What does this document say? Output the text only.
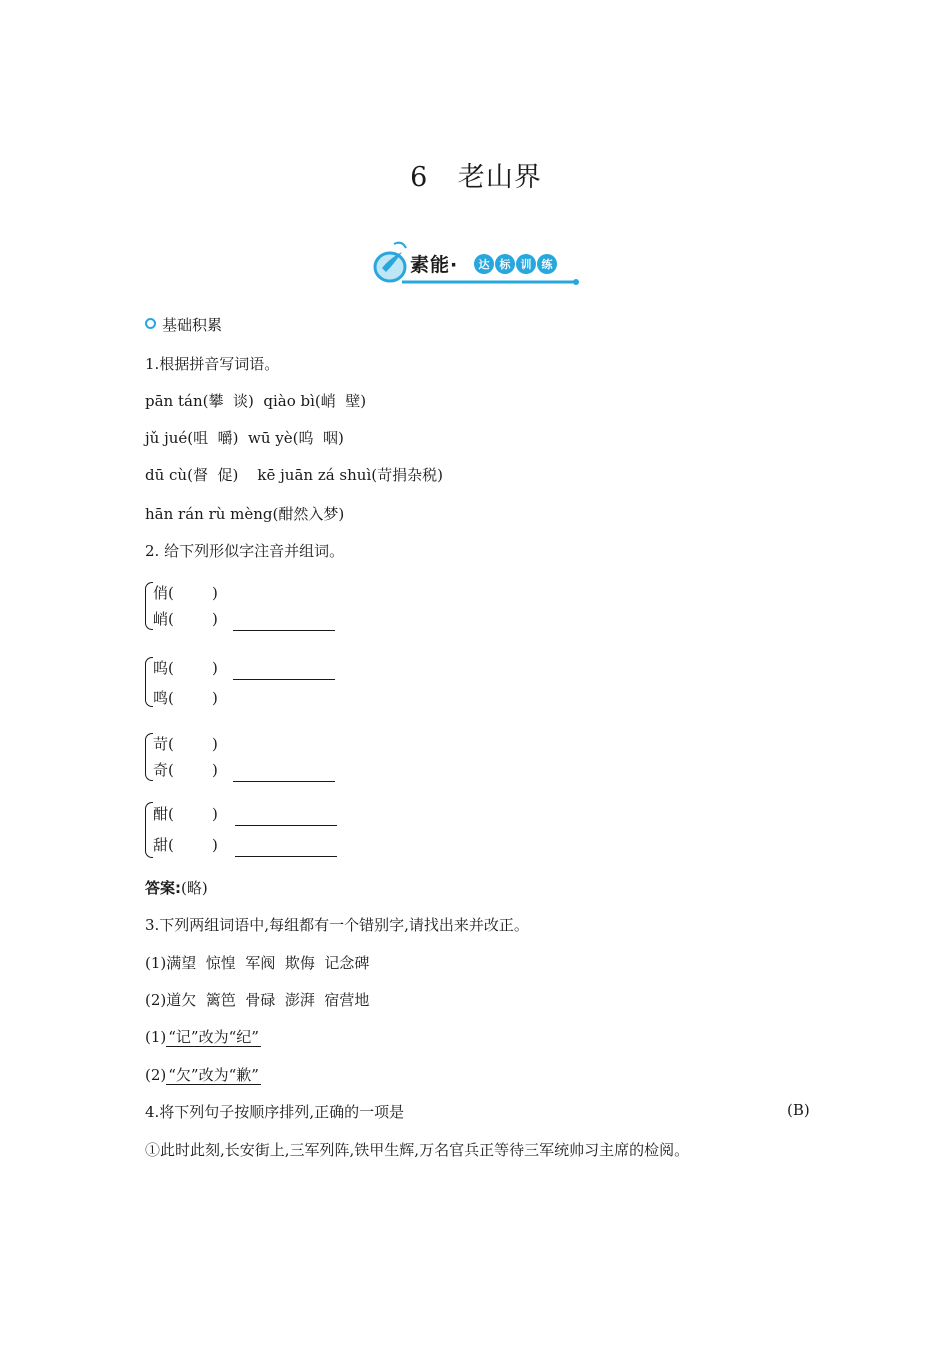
6 老山界
素能·	达 标 训 练
基础积累
1.根据拼音写词语。
pān tán(攀  谈)  qiào bì(峭  壁)
jǔ jué(咀  嚼)  wū yè(呜  咽)
dū cù(督  促)    kē juān zá shuì(苛捐杂税)
hān rán rù mèng(酣然入梦)
2. 给下列形似字注音并组词。
俏(        )
峭(        )
呜(        )
鸣(        )
苛(        )
奇(        )
酣(        )
甜(        )
答案:(略)
3.下列两组词语中,每组都有一个错别字,请找出来并改正。
(1)满望  惊惶  军阀  欺侮  记念碑
(2)道欠  篱笆  骨碌  澎湃  宿营地
(1) “记”改为“纪”
(2) “欠”改为“歉”
4.将下列句子按顺序排列,正确的一项是	(B)
①此时此刻,长安街上,三军列阵,铁甲生辉,万名官兵正等待三军统帅习主席的检阅。
